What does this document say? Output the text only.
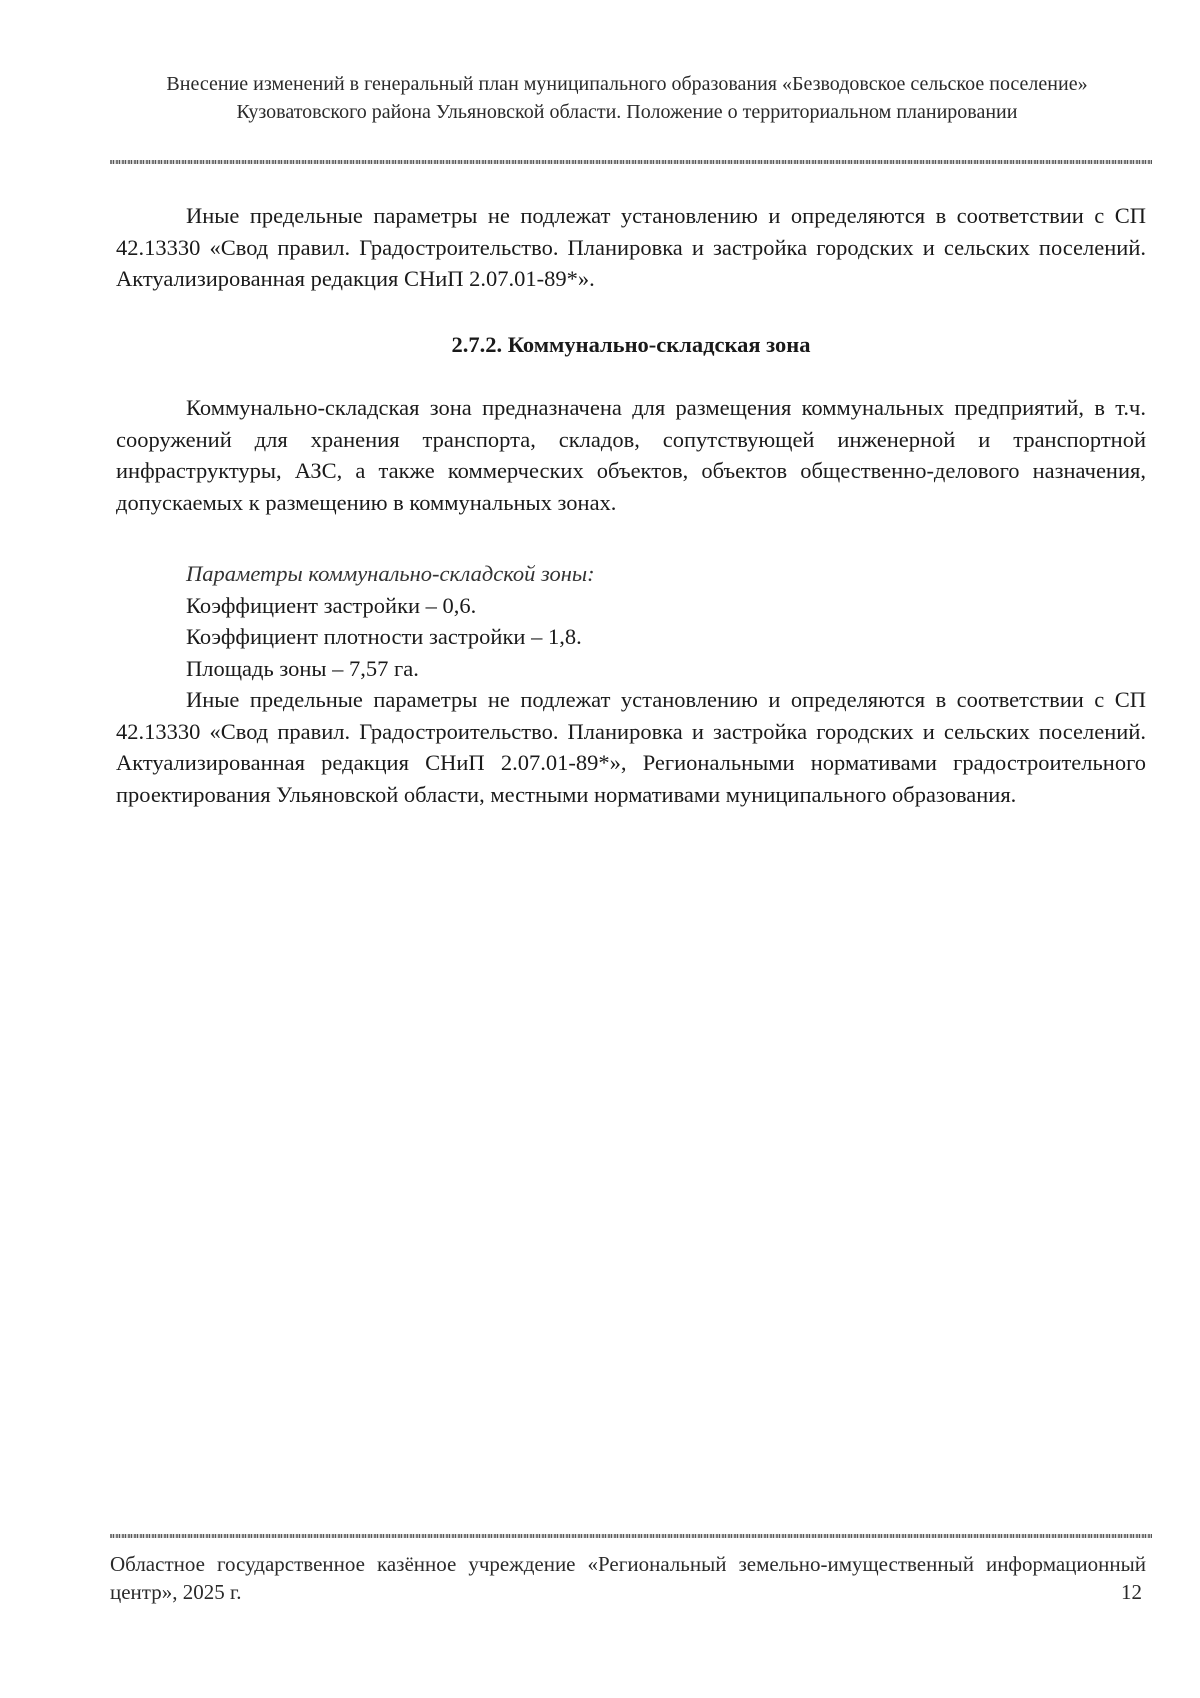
Внесение изменений в генеральный план муниципального образования «Безводовское сельское поселение» Кузоватовского района Ульяновской области. Положение о территориальном планировании

Иные предельные параметры не подлежат установлению и определяются в соответствии с СП 42.13330 «Свод правил. Градостроительство. Планировка и застройка городских и сельских поселений. Актуализированная редакция СНиП 2.07.01-89*».

2.7.2. Коммунально-складская зона

Коммунально-складская зона предназначена для размещения коммунальных предприятий, в т.ч. сооружений для хранения транспорта, складов, сопутствующей инженерной и транспортной инфраструктуры, АЗС, а также коммерческих объектов, объектов общественно-делового назначения, допускаемых к размещению в коммунальных зонах.

Параметры коммунально-складской зоны:

Коэффициент застройки – 0,6.

Коэффициент плотности застройки – 1,8.

Площадь зоны – 7,57 га.

Иные предельные параметры не подлежат установлению и определяются в соответствии с СП 42.13330 «Свод правил. Градостроительство. Планировка и застройка городских и сельских поселений. Актуализированная редакция СНиП 2.07.01-89*», Региональными нормативами градостроительного проектирования Ульяновской области, местными нормативами муниципального образования.

Областное государственное казённое учреждение «Региональный земельно-имущественный информационный центр», 2025 г.	12
